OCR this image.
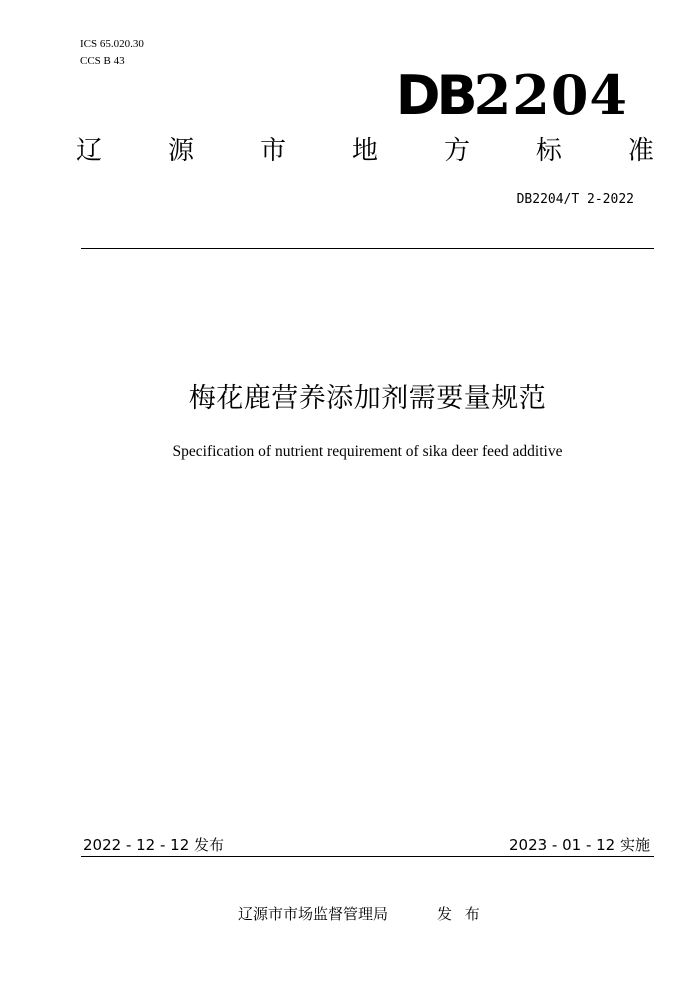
ICS 65.020.30
CCS B 43
DB2204
辽	源	市	地	方	标	准
DB2204/T 2-2022
梅花鹿营养添加剂需要量规范
Specification of nutrient requirement of sika deer feed additive
2022 - 12 - 12 发布	2023 - 01 - 12 实施
辽源市市场监督管理局	发 布
